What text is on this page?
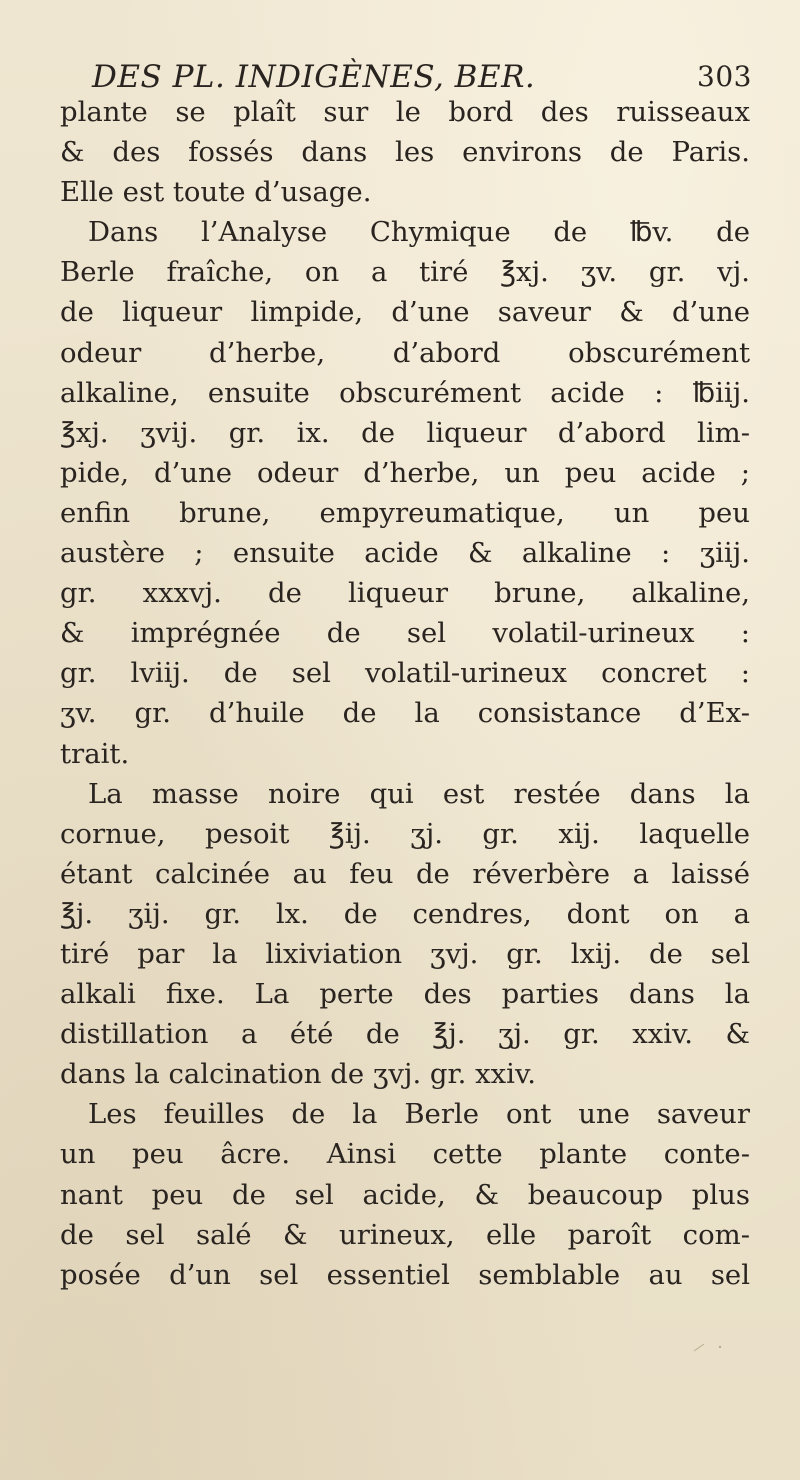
DES PL. INDIGÈNES, BER.	303
plante se plaît sur le bord des ruisseaux
& des fossés dans les environs de Paris.
Elle est toute d’usage.
Dans l’Analyse Chymique de ℔v. de
Berle fraîche, on a tiré ℥xj. ʒv. gr. vj.
de liqueur limpide, d’une saveur & d’une
odeur d’herbe, d’abord obscurément
alkaline, ensuite obscurément acide : ℔iij.
℥xj. ʒvij. gr. ix. de liqueur d’abord lim-
pide, d’une odeur d’herbe, un peu acide ;
enfin brune, empyreumatique, un peu
austère ; ensuite acide & alkaline : ʒiij.
gr. xxxvj. de liqueur brune, alkaline,
& imprégnée de sel volatil-urineux :
gr. lviij. de sel volatil-urineux concret :
ʒv. gr. d’huile de la consistance d’Ex-
trait.
La masse noire qui est restée dans la
cornue, pesoit ℥ij. ʒj. gr. xij. laquelle
étant calcinée au feu de réverbère a laissé
℥j. ʒij. gr. lx. de cendres, dont on a
tiré par la lixiviation ʒvj. gr. lxij. de sel
alkali fixe. La perte des parties dans la
distillation a été de ℥j. ʒj. gr. xxiv. &
dans la calcination de ʒvj. gr. xxiv.
Les feuilles de la Berle ont une saveur
un peu âcre. Ainsi cette plante conte-
nant peu de sel acide, & beaucoup plus
de sel salé & urineux, elle paroît com-
posée d’un sel essentiel semblable au sel
